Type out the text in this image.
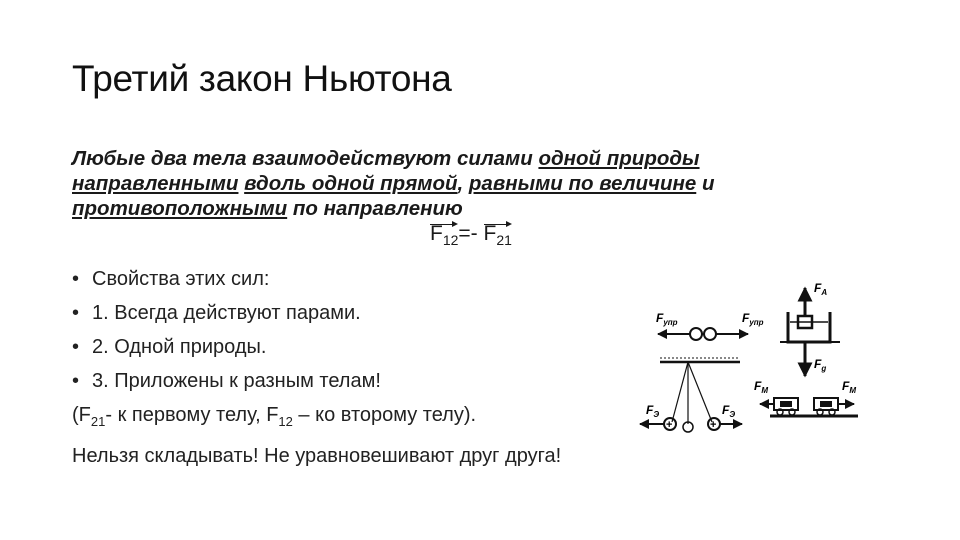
Третий закон Ньютона
Любые два тела взаимодействуют силами одной природы
направленными вдоль одной прямой, равными по величине и
противоположными по направлению
$F_{12}=-$ $F_{21}$
• Свойства этих сил:
• 1. Всегда действуют парами.
• 2. Одной природы.
• 3. Приложены к разным телам!
($F_{21}-$ к первому телу, $F_{12}$ – ко второму телу).
Нельзя складывать! Не уравновешивают друг друга!
$F_{упр}$	$F_{упр}$
$F_A$
$F_g$
+	+
$F_Э$	$F_Э$
$F_M$	$F_M$
